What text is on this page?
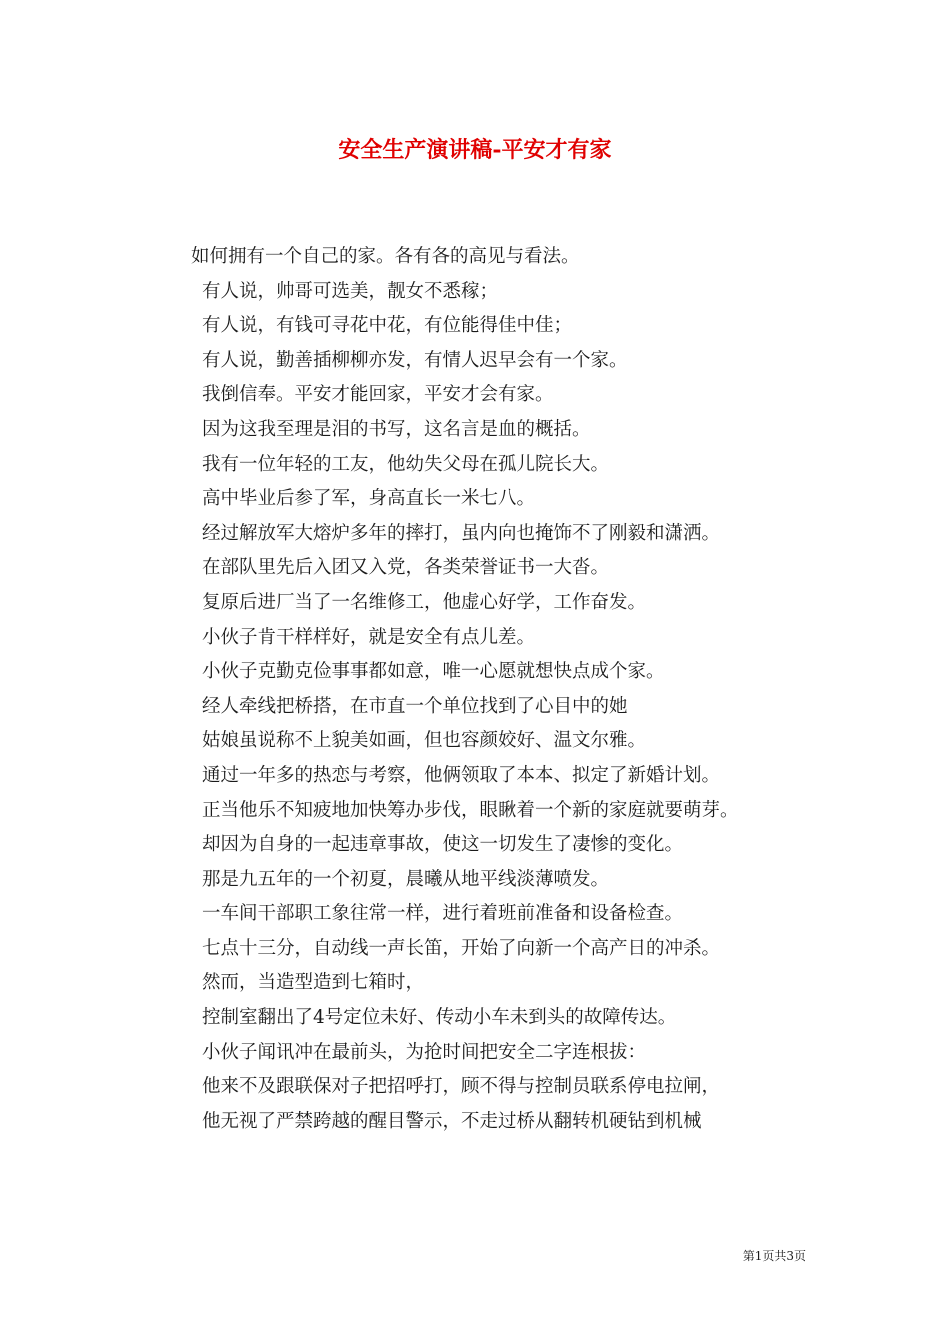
安全生产演讲稿-平安才有家

如何拥有一个自己的家。各有各的高见与看法。

有人说，帅哥可选美，靓女不悉稼；

有人说，有钱可寻花中花，有位能得佳中佳；

有人说，勤善插柳柳亦发，有情人迟早会有一个家。

我倒信奉。平安才能回家，平安才会有家。

因为这我至理是泪的书写，这名言是血的概括。

我有一位年轻的工友，他幼失父母在孤儿院长大。

高中毕业后参了军，身高直长一米七八。

经过解放军大熔炉多年的摔打，虽内向也掩饰不了刚毅和潇洒。

在部队里先后入团又入党，各类荣誉证书一大沓。

复原后进厂当了一名维修工，他虚心好学，工作奋发。

小伙子肯干样样好，就是安全有点儿差。

小伙子克勤克俭事事都如意，唯一心愿就想快点成个家。

经人牵线把桥搭，在市直一个单位找到了心目中的她

姑娘虽说称不上貌美如画，但也容颜姣好、温文尔雅。

通过一年多的热恋与考察，他俩领取了本本、拟定了新婚计划。

正当他乐不知疲地加快筹办步伐，眼瞅着一个新的家庭就要萌芽。

却因为自身的一起违章事故，使这一切发生了凄惨的变化。

那是九五年的一个初夏，晨曦从地平线淡薄喷发。

一车间干部职工象往常一样，进行着班前准备和设备检查。

七点十三分，自动线一声长笛，开始了向新一个高产日的冲杀。

然而，当造型造到七箱时，

控制室翻出了4号定位未好、传动小车未到头的故障传达。

小伙子闻讯冲在最前头，为抢时间把安全二字连根拔：

他来不及跟联保对子把招呼打，顾不得与控制员联系停电拉闸，

他无视了严禁跨越的醒目警示，不走过桥从翻转机硬钻到机械

第1页共3页
